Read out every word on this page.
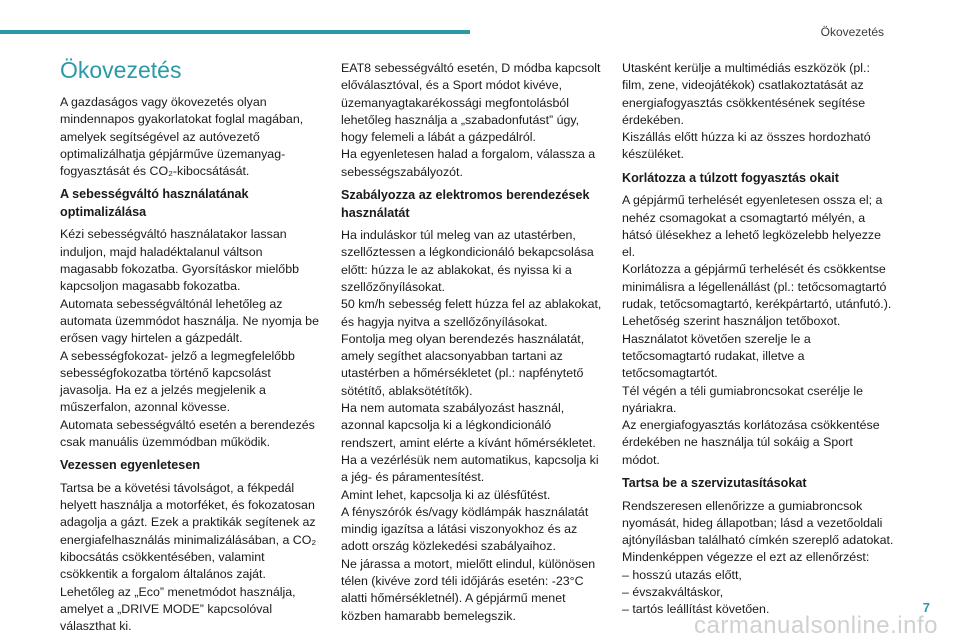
Ökovezetés
Ökovezetés

A gazdaságos vagy ökovezetés olyan mindennapos gyakorlatokat foglal magában, amelyek segítségével az autóvezető optimalizálhatja gépjárműve üzemanyag-fogyasztását és CO₂-kibocsátását.

A sebességváltó használatának optimalizálása

Kézi sebességváltó használatakor lassan induljon, majd haladéktalanul váltson magasabb fokozatba. Gyorsításkor mielőbb kapcsoljon magasabb fokozatba.
Automata sebességváltónál lehetőleg az automata üzemmódot használja. Ne nyomja be erősen vagy hirtelen a gázpedált.
A sebességfokozat- jelző a legmegfelelőbb sebességfokozatba történő kapcsolást javasolja. Ha ez a jelzés megjelenik a műszerfalon, azonnal kövesse.
Automata sebességváltó esetén a berendezés csak manuális üzemmódban működik.

Vezessen egyenletesen

Tartsa be a követési távolságot, a fékpedál helyett használja a motorféket, és fokozatosan adagolja a gázt. Ezek a praktikák segítenek az energiafelhasználás minimalizálásában, a CO₂ kibocsátás csökkentésében, valamint csökkentik a forgalom általános zaját.
Lehetőleg az „Eco” menetmódot használja, amelyet a „DRIVE MODE” kapcsolóval választhat ki.

EAT8 sebességváltó esetén, D módba kapcsolt előválasztóval, és a Sport módot kivéve, üzemanyagtakarékossági megfontolásból lehetőleg használja a „szabadonfutást” úgy, hogy felemeli a lábát a gázpedálról.
Ha egyenletesen halad a forgalom, válassza a sebességszabályozót.

Szabályozza az elektromos berendezések használatát

Ha induláskor túl meleg van az utastérben, szellőztessen a légkondicionáló bekapcsolása előtt: húzza le az ablakokat, és nyissa ki a szellőzőnyílásokat.
50 km/h sebesség felett húzza fel az ablakokat, és hagyja nyitva a szellőzőnyílásokat.
Fontolja meg olyan berendezés használatát, amely segíthet alacsonyabban tartani az utastérben a hőmérsékletet (pl.: napfénytető sötétítő, ablaksötétítők).
Ha nem automata szabályozást használ, azonnal kapcsolja ki a légkondicionáló rendszert, amint elérte a kívánt hőmérsékletet.
Ha a vezérlésük nem automatikus, kapcsolja ki a jég- és páramentesítést.
Amint lehet, kapcsolja ki az ülésfűtést.
A fényszórók és/vagy ködlámpák használatát mindig igazítsa a látási viszonyokhoz és az adott ország közlekedési szabályaihoz.
Ne járassa a motort, mielőtt elindul, különösen télen (kivéve zord téli időjárás esetén: -23°C alatti hőmérsékletnél). A gépjármű menet közben hamarabb bemelegszik.

Utasként kerülje a multimédiás eszközök (pl.: film, zene, videojátékok) csatlakoztatását az energiafogyasztás csökkentésének segítése érdekében.
Kiszállás előtt húzza ki az összes hordozható készüléket.

Korlátozza a túlzott fogyasztás okait

A gépjármű terhelését egyenletesen ossza el; a nehéz csomagokat a csomagtartó mélyén, a hátsó ülésekhez a lehető legközelebb helyezze el.
Korlátozza a gépjármű terhelését és csökkentse minimálisra a légellenállást (pl.: tetőcsomagtartó rudak, tetőcsomagtartó, kerékpártartó, utánfutó.). Lehetőség szerint használjon tetőboxot.
Használatot követően szerelje le a tetőcsomagtartó rudakat, illetve a tetőcsomagtartót.
Tél végén a téli gumiabroncsokat cserélje le nyáriakra.
Az energiafogyasztás korlátozása csökkentése érdekében ne használja túl sokáig a Sport módot.

Tartsa be a szervizutasításokat

Rendszeresen ellenőrizze a gumiabroncsok nyomását, hideg állapotban; lásd a vezetőoldali ajtónyílásban található címkén szereplő adatokat.
Mindenképpen végezze el ezt az ellenőrzést:
– hosszú utazás előtt,
– évszakváltáskor,
– tartós leállítást követően.

carmanualsonline.info
7
